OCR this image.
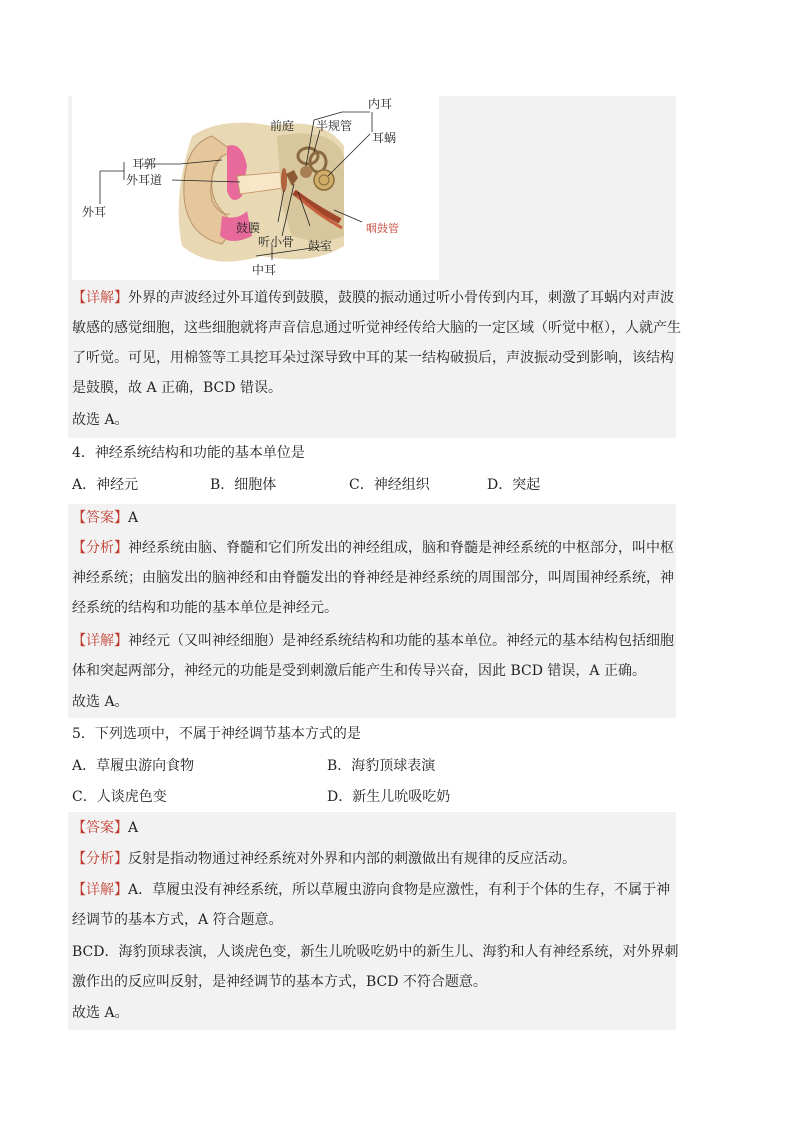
内耳
前庭 半规管
耳蜗
耳郭
外耳道
外耳
鼓膜
听小骨 鼓室
咽鼓管
中耳
【详解】外界的声波经过外耳道传到鼓膜，鼓膜的振动通过听小骨传到内耳，刺激了耳蜗内对声波
敏感的感觉细胞，这些细胞就将声音信息通过听觉神经传给大脑的一定区域（听觉中枢），人就产生
了听觉。可见，用棉签等工具挖耳朵过深导致中耳的某一结构破损后，声波振动受到影响，该结构
是鼓膜，故 A 正确，BCD 错误。
故选 A。
4．神经系统结构和功能的基本单位是
A．神经元	B．细胞体	C．神经组织	D．突起
【答案】A
【分析】神经系统由脑、脊髓和它们所发出的神经组成，脑和脊髓是神经系统的中枢部分，叫中枢
神经系统；由脑发出的脑神经和由脊髓发出的脊神经是神经系统的周围部分，叫周围神经系统，神
经系统的结构和功能的基本单位是神经元。
【详解】神经元（又叫神经细胞）是神经系统结构和功能的基本单位。神经元的基本结构包括细胞
体和突起两部分，神经元的功能是受到刺激后能产生和传导兴奋，因此 BCD 错误，A 正确。
故选 A。
5．下列选项中，不属于神经调节基本方式的是
A．草履虫游向食物	B．海豹顶球表演
C．人谈虎色变	D．新生儿吮吸吃奶
【答案】A
【分析】反射是指动物通过神经系统对外界和内部的刺激做出有规律的反应活动。
【详解】A．草履虫没有神经系统，所以草履虫游向食物是应激性，有利于个体的生存，不属于神
经调节的基本方式，A 符合题意。
BCD．海豹顶球表演，人谈虎色变，新生儿吮吸吃奶中的新生儿、海豹和人有神经系统，对外界刺
激作出的反应叫反射，是神经调节的基本方式，BCD 不符合题意。
故选 A。
